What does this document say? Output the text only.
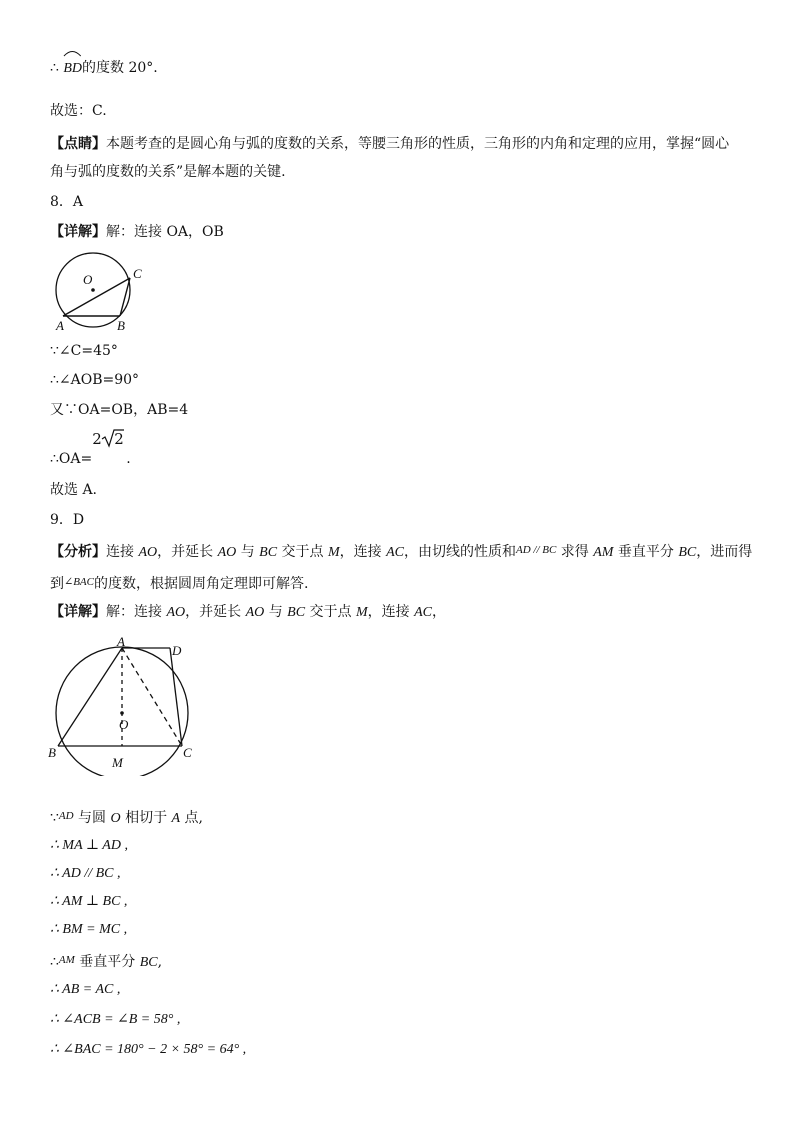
∴ BD的度数 20°.
故选：C.
【点睛】本题考查的是圆心角与弧的度数的关系，等腰三角形的性质，三角形的内角和定理的应用，掌握“圆心
角与弧的度数的关系”是解本题的关键.
8．A
【详解】解：连接 OA，OB
O	C
A	B
∵∠C=45°
∴∠AOB=90°
又∵OA=OB，AB=4
∴OA=
2 2
.
故选 A.
9．D
【分析】连接 AO，并延长 AO 与 BC 交于点 M，连接 AC，由切线的性质和$^{AD // BC}$ 求得 AM 垂直平分 BC，进而得
到$^{\angle BAC}$的度数，根据圆周角定理即可解答.
【详解】解：连接 AO，并延长 AO 与 BC 交于点 M，连接 AC，
A
D
O
B	C
M
∵$^{AD}$ 与圆 O 相切于 A 点,
∴ MA ⊥ AD ,
∴ AD // BC ,
∴ AM ⊥ BC ,
∴ BM = MC ,
∴$^{AM}$ 垂直平分 BC,
∴ AB = AC ,
∴ ∠ACB = ∠B = 58° ,
∴ ∠BAC = 180° − 2 × 58° = 64° ,
